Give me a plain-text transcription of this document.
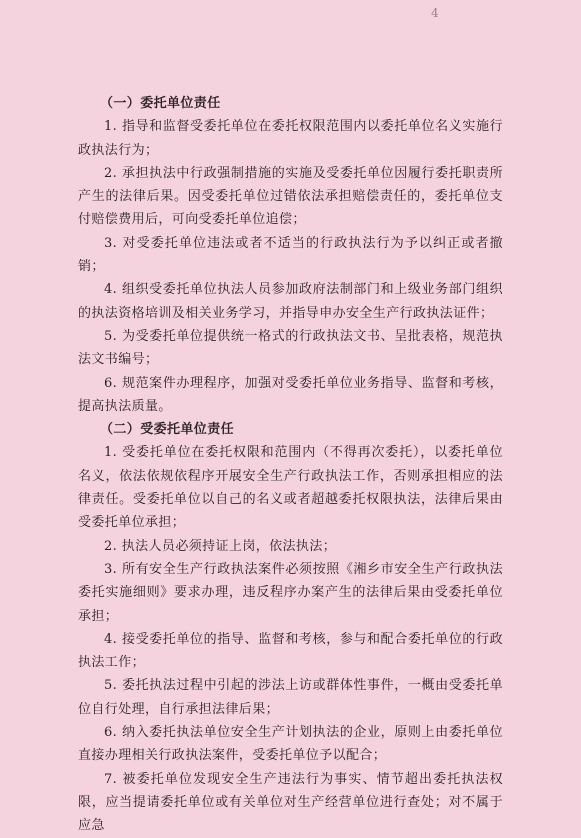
4

（一）委托单位责任

1. 指导和监督受委托单位在委托权限范围内以委托单位名义实施行政执法行为；

2. 承担执法中行政强制措施的实施及受委托单位因履行委托职责所产生的法律后果。因受委托单位过错依法承担赔偿责任的，委托单位支付赔偿费用后，可向受委托单位追偿；

3. 对受委托单位违法或者不适当的行政执法行为予以纠正或者撤销；

4. 组织受委托单位执法人员参加政府法制部门和上级业务部门组织的执法资格培训及相关业务学习，并指导申办安全生产行政执法证件；

5. 为受委托单位提供统一格式的行政执法文书、呈批表格，规范执法文书编号；

6. 规范案件办理程序，加强对受委托单位业务指导、监督和考核，提高执法质量。

（二）受委托单位责任

1. 受委托单位在委托权限和范围内（不得再次委托），以委托单位名义，依法依规依程序开展安全生产行政执法工作，否则承担相应的法律责任。受委托单位以自己的名义或者超越委托权限执法，法律后果由受委托单位承担；

2. 执法人员必须持证上岗，依法执法；

3. 所有安全生产行政执法案件必须按照《湘乡市安全生产行政执法委托实施细则》要求办理，违反程序办案产生的法律后果由受委托单位承担；

4. 接受委托单位的指导、监督和考核，参与和配合委托单位的行政执法工作；

5. 委托执法过程中引起的涉法上访或群体性事件，一概由受委托单位自行处理，自行承担法律后果；

6. 纳入委托执法单位安全生产计划执法的企业，原则上由委托单位直接办理相关行政执法案件，受委托单位予以配合；

7. 被委托单位发现安全生产违法行为事实、情节超出委托执法权限，应当提请委托单位或有关单位对生产经营单位进行查处；对不属于应急
